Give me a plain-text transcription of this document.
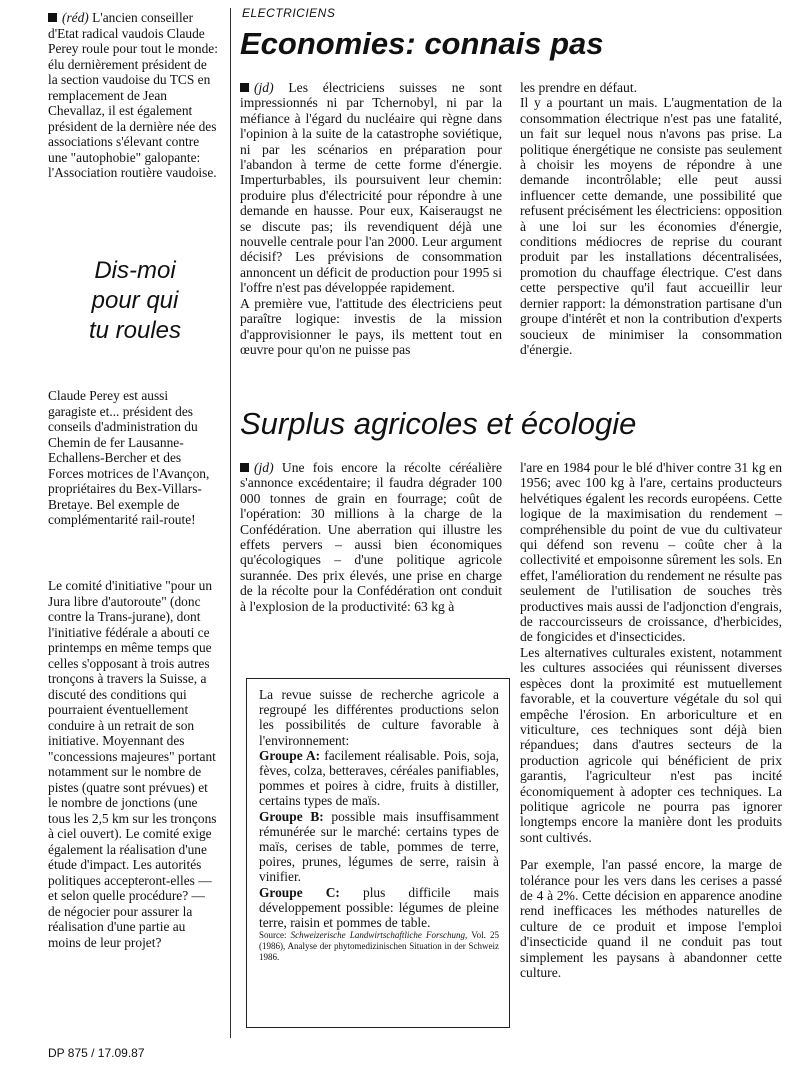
(réd) L'ancien conseiller d'Etat radical vaudois Claude Perey roule pour tout le monde: élu dernièrement président de la section vaudoise du TCS en remplacement de Jean Chevallaz, il est également président de la dernière née des associations s'élevant contre une "autophobie" galopante: l'Association routière vaudoise.

Dis-moi
pour qui
tu roules

Claude Perey est aussi garagiste et... président des conseils d'administration du Chemin de fer Lausanne-Echallens-Bercher et des Forces motrices de l'Avançon, propriétaires du Bex-Villars-Bretaye. Bel exemple de complémentarité rail-route!

Le comité d'initiative "pour un Jura libre d'autoroute" (donc contre la Trans-jurane), dont l'initiative fédérale a abouti ce printemps en même temps que celles s'opposant à trois autres tronçons à travers la Suisse, a discuté des conditions qui pourraient éventuellement conduire à un retrait de son initiative. Moyennant des "concessions majeures" portant notamment sur le nombre de pistes (quatre sont prévues) et le nombre de jonctions (une tous les 2,5 km sur les tronçons à ciel ouvert). Le comité exige également la réalisation d'une étude d'impact. Les autorités politiques accepteront-elles — et selon quelle procédure? — de négocier pour assurer la réalisation d'une partie au moins de leur projet?

ELECTRICIENS
Economies: connais pas

(jd) Les électriciens suisses ne sont impressionnés ni par Tchernobyl, ni par la méfiance à l'égard du nucléaire qui règne dans l'opinion à la suite de la catastrophe soviétique, ni par les scénarios en préparation pour l'abandon à terme de cette forme d'énergie. Imperturbables, ils poursuivent leur chemin: produire plus d'électricité pour répondre à une demande en hausse. Pour eux, Kaiseraugst ne se discute pas; ils revendiquent déjà une nouvelle centrale pour l'an 2000. Leur argument décisif? Les prévisions de consommation annoncent un déficit de production pour 1995 si l'offre n'est pas développée rapidement.

A première vue, l'attitude des électriciens peut paraître logique: investis de la mission d'approvisionner le pays, ils mettent tout en œuvre pour qu'on ne puisse pas

les prendre en défaut.

Il y a pourtant un mais. L'augmentation de la consommation électrique n'est pas une fatalité, un fait sur lequel nous n'avons pas prise. La politique énergétique ne consiste pas seulement à choisir les moyens de répondre à une demande incontrôlable; elle peut aussi influencer cette demande, une possibilité que refusent précisément les électriciens: opposition à une loi sur les économies d'énergie, conditions médiocres de reprise du courant produit par les installations décentralisées, promotion du chauffage électrique. C'est dans cette perspective qu'il faut accueillir leur dernier rapport: la démonstration partisane d'un groupe d'intérêt et non la contribution d'experts soucieux de minimiser la consommation d'énergie.

Surplus agricoles et écologie

(jd) Une fois encore la récolte céréalière s'annonce excédentaire; il faudra dégrader 100 000 tonnes de grain en fourrage; coût de l'opération: 30 millions à la charge de la Confédération. Une aberration qui illustre les effets pervers – aussi bien économiques qu'écologiques – d'une politique agricole surannée. Des prix élevés, une prise en charge de la récolte pour la Confédération ont conduit à l'explosion de la productivité: 63 kg à

l'are en 1984 pour le blé d'hiver contre 31 kg en 1956; avec 100 kg à l'are, certains producteurs helvétiques égalent les records européens. Cette logique de la maximisation du rendement – compréhensible du point de vue du cultivateur qui défend son revenu – coûte cher à la collectivité et empoisonne sûrement les sols. En effet, l'amélioration du rendement ne résulte pas seulement de l'utilisation de souches très productives mais aussi de l'adjonction d'engrais, de raccourcisseurs de croissance, d'herbicides, de fongicides et d'insecticides.

Les alternatives culturales existent, notamment les cultures associées qui réunissent diverses espèces dont la proximité est mutuellement favorable, et la couverture végétale du sol qui empêche l'érosion. En arboriculture et en viticulture, ces techniques sont déjà bien répandues; dans d'autres secteurs de la production agricole qui bénéficient de prix garantis, l'agriculteur n'est pas incité économiquement à adopter ces techniques. La politique agricole ne pourra pas ignorer longtemps encore la manière dont les produits sont cultivés.

Par exemple, l'an passé encore, la marge de tolérance pour les vers dans les cerises a passé de 4 à 2%. Cette décision en apparence anodine rend inefficaces les méthodes naturelles de culture de ce produit et impose l'emploi d'insecticide quand il ne conduit pas tout simplement les paysans à abandonner cette culture.

La revue suisse de recherche agricole a regroupé les différentes productions selon les possibilités de culture favorable à l'environnement:

Groupe A: facilement réalisable. Pois, soja, fèves, colza, betteraves, céréales panifiables, pommes et poires à cidre, fruits à distiller, certains types de maïs.

Groupe B: possible mais insuffisamment rémunérée sur le marché: certains types de maïs, cerises de table, pommes de terre, poires, prunes, légumes de serre, raisin à vinifier.

Groupe C: plus difficile mais développement possible: légumes de pleine terre, raisin et pommes de table.

Source: Schweizerische Landwirtschaftliche Forschung, Vol. 25 (1986), Analyse der phytomedizinischen Situation in der Schweiz 1986.

DP 875 / 17.09.87
